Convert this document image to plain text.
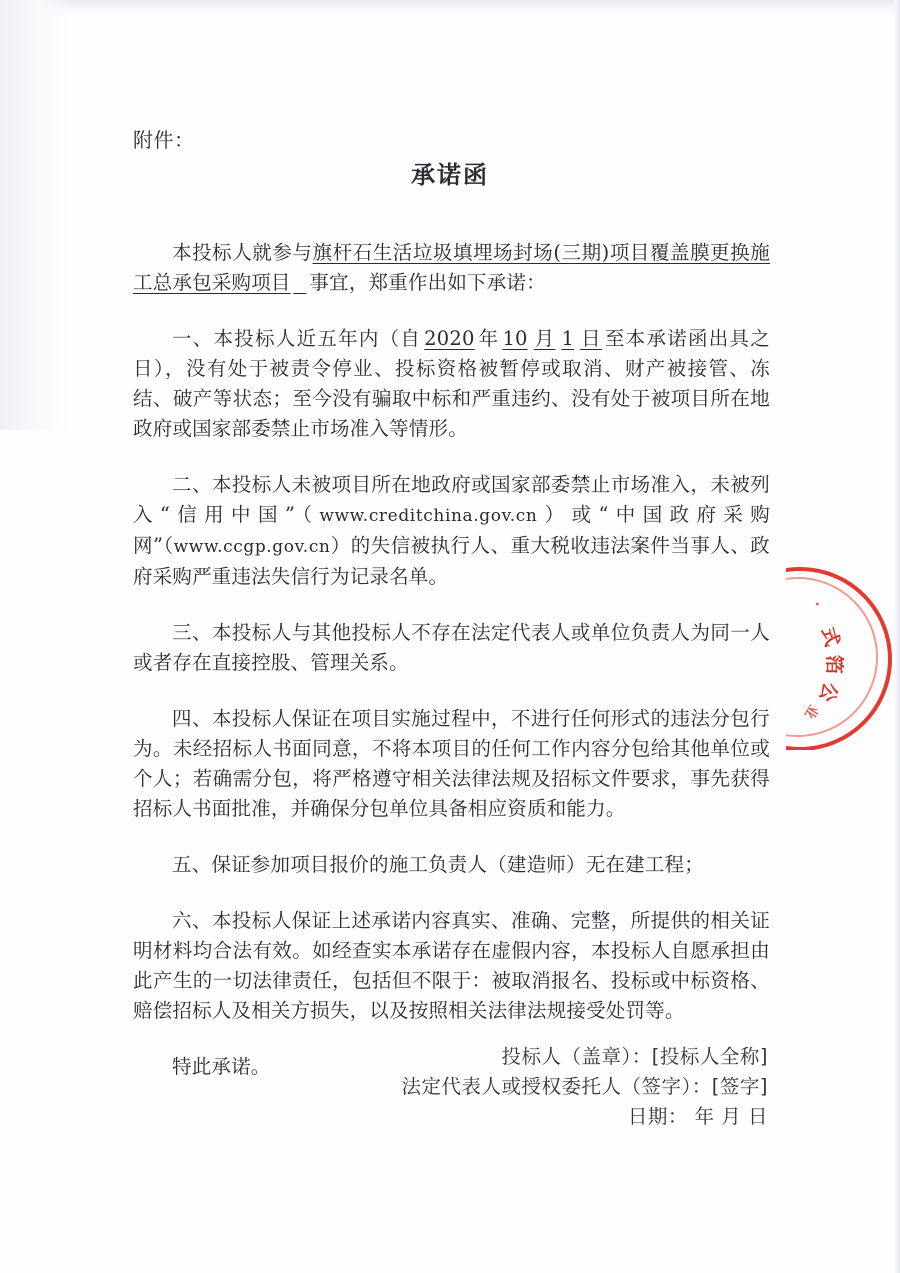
附件：
承诺函

本投标人就参与旗杆石生活垃圾填埋场封场(三期)项目覆盖膜更换施工总承包采购项目 事宜，郑重作出如下承诺：

一、本投标人近五年内（自 2020 年 10 月 1 日 至本承诺函出具之日），没有处于被责令停业、投标资格被暂停或取消、财产被接管、冻结、破产等状态；至今没有骗取中标和严重违约、没有处于被项目所在地政府或国家部委禁止市场准入等情形。

二、本投标人未被项目所在地政府或国家部委禁止市场准入，未被列入“信用中国”（www.creditchina.gov.cn）或“中国政府采购网”（www.ccgp.gov.cn）的失信被执行人、重大税收违法案件当事人、政府采购严重违法失信行为记录名单。

三、本投标人与其他投标人不存在法定代表人或单位负责人为同一人或者存在直接控股、管理关系。

四、本投标人保证在项目实施过程中，不进行任何形式的违法分包行为。未经招标人书面同意，不将本项目的任何工作内容分包给其他单位或个人；若确需分包，将严格遵守相关法律法规及招标文件要求，事先获得招标人书面批准，并确保分包单位具备相应资质和能力。

五、保证参加项目报价的施工负责人（建造师）无在建工程；

六、本投标人保证上述承诺内容真实、准确、完整，所提供的相关证明材料均合法有效。如经查实本承诺存在虚假内容，本投标人自愿承担由此产生的一切法律责任，包括但不限于：被取消报名、投标或中标资格、赔偿招标人及相关方损失，以及按照相关法律法规接受处罚等。

特此承诺。

·
式
箔
公
业
投标人（盖章）：[投标人全称]
法定代表人或授权委托人（签字）：[签字]
日期： 年 月 日
